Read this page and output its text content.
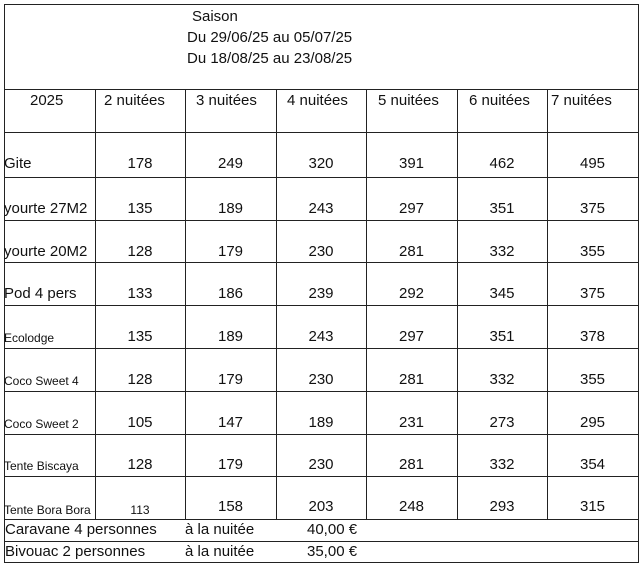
Saison
Du 29/06/25 au 05/07/25
Du 18/08/25 au 23/08/25
2025	2 nuitées 3 nuitées 4 nuitées 5 nuitées 6 nuitées 7 nuitées
Gite	178	249	320	391	462	495
yourte 27M2	135	189	243	297	351	375
yourte 20M2	128	179	230	281	332	355
Pod 4 pers	133	186	239	292	345	375
Ecolodge	135	189	243	297	351	378
Coco Sweet 4	128	179	230	281	332	355
Coco Sweet 2	105	147	189	231	273	295
Tente Biscaya	128	179	230	281	332	354
Tente Bora Bora	113	158	203	248	293	315
Caravane 4 personnes à la nuitée	40,00 €
Bivouac 2 personnes	à la nuitée	35,00 €
